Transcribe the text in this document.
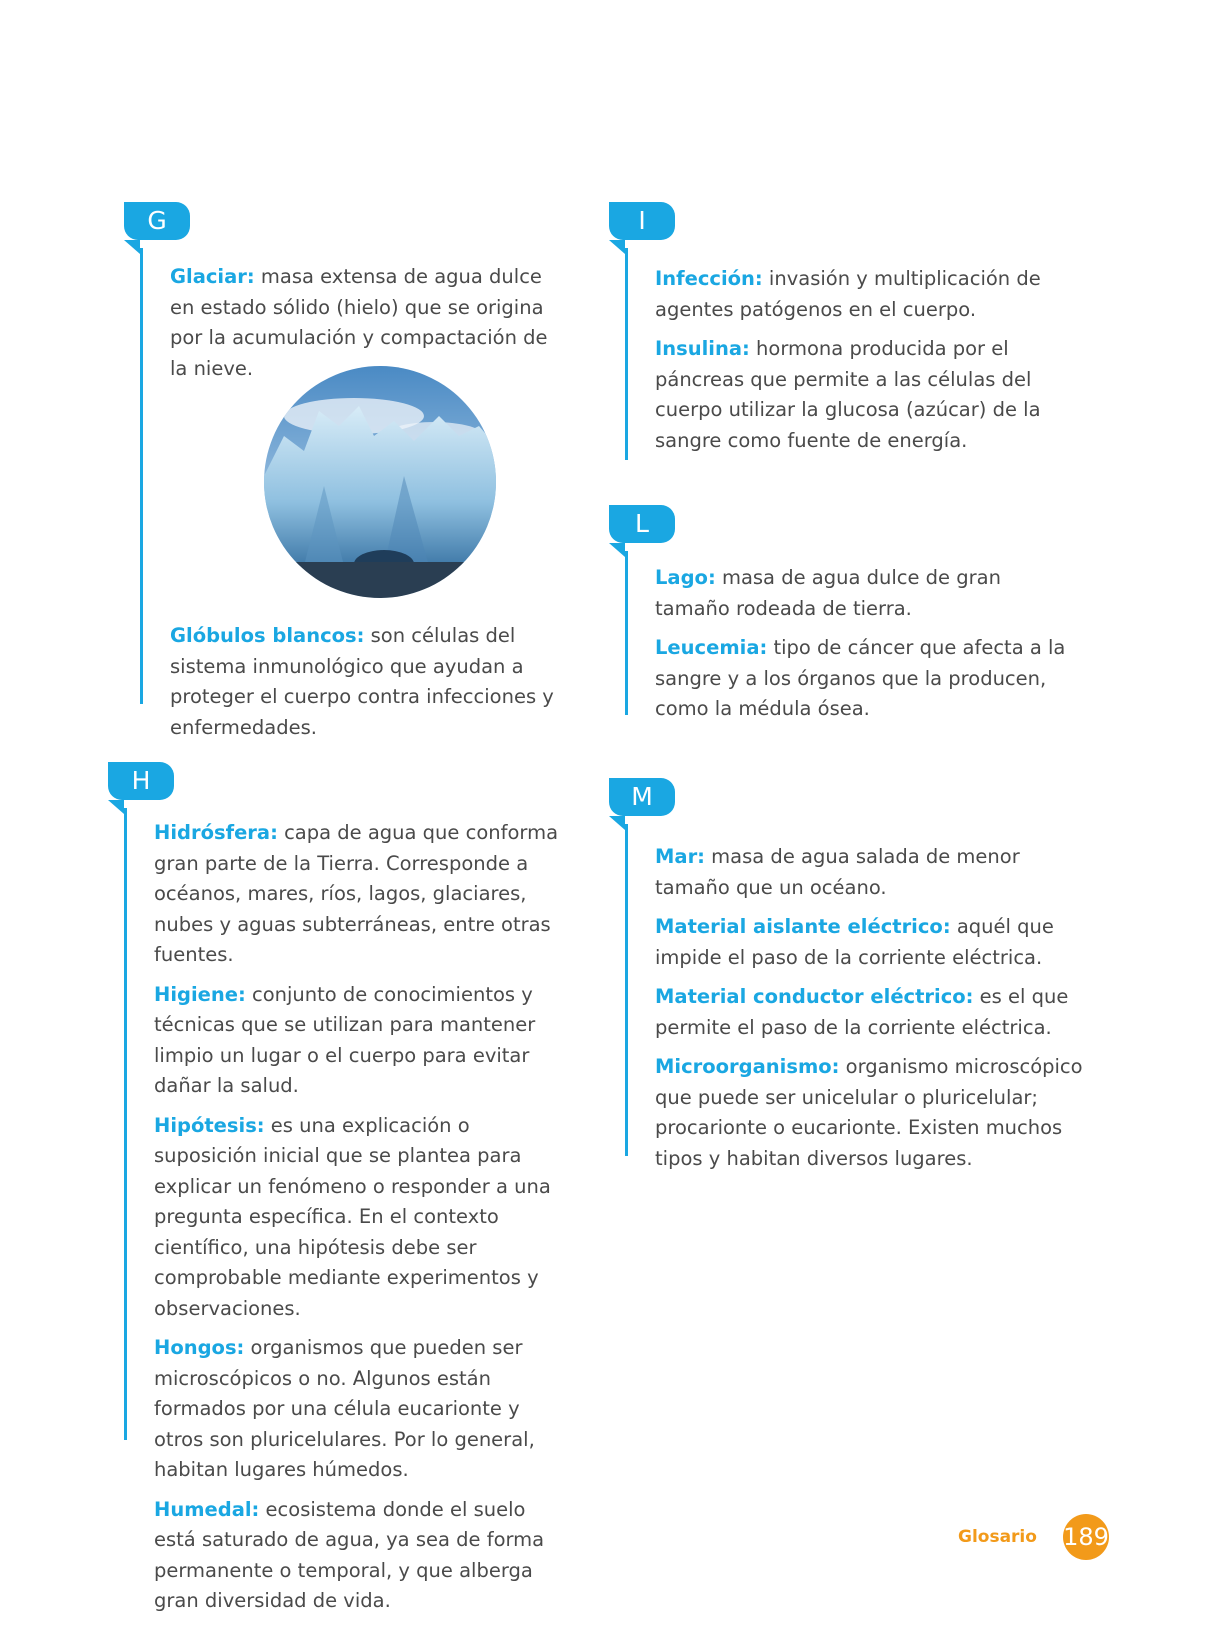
G

Glaciar: masa extensa de agua dulce en estado sólido (hielo) que se origina por la acumulación y compactación de la nieve.

Glóbulos blancos: son células del sistema inmunológico que ayudan a proteger el cuerpo contra infecciones y enfermedades.

H

Hidrósfera: capa de agua que conforma gran parte de la Tierra. Corresponde a océanos, mares, ríos, lagos, glaciares, nubes y aguas subterráneas, entre otras fuentes.

Higiene: conjunto de conocimientos y técnicas que se utilizan para mantener limpio un lugar o el cuerpo para evitar dañar la salud.

Hipótesis: es una explicación o suposición inicial que se plantea para explicar un fenómeno o responder a una pregunta específica. En el contexto científico, una hipótesis debe ser comprobable mediante experimentos y observaciones.

Hongos: organismos que pueden ser microscópicos o no. Algunos están formados por una célula eucarionte y otros son pluricelulares. Por lo general, habitan lugares húmedos.

Humedal: ecosistema donde el suelo está saturado de agua, ya sea de forma permanente o temporal, y que alberga gran diversidad de vida.

I

Infección: invasión y multiplicación de agentes patógenos en el cuerpo.

Insulina: hormona producida por el páncreas que permite a las células del cuerpo utilizar la glucosa (azúcar) de la sangre como fuente de energía.

L

Lago: masa de agua dulce de gran tamaño rodeada de tierra.

Leucemia: tipo de cáncer que afecta a la sangre y a los órganos que la producen, como la médula ósea.

M

Mar: masa de agua salada de menor tamaño que un océano.

Material aislante eléctrico: aquél que impide el paso de la corriente eléctrica.

Material conductor eléctrico: es el que permite el paso de la corriente eléctrica.

Microorganismo: organismo microscópico que puede ser unicelular o pluricelular; procarionte o eucarionte. Existen muchos tipos y habitan diversos lugares.

Glosario 189
